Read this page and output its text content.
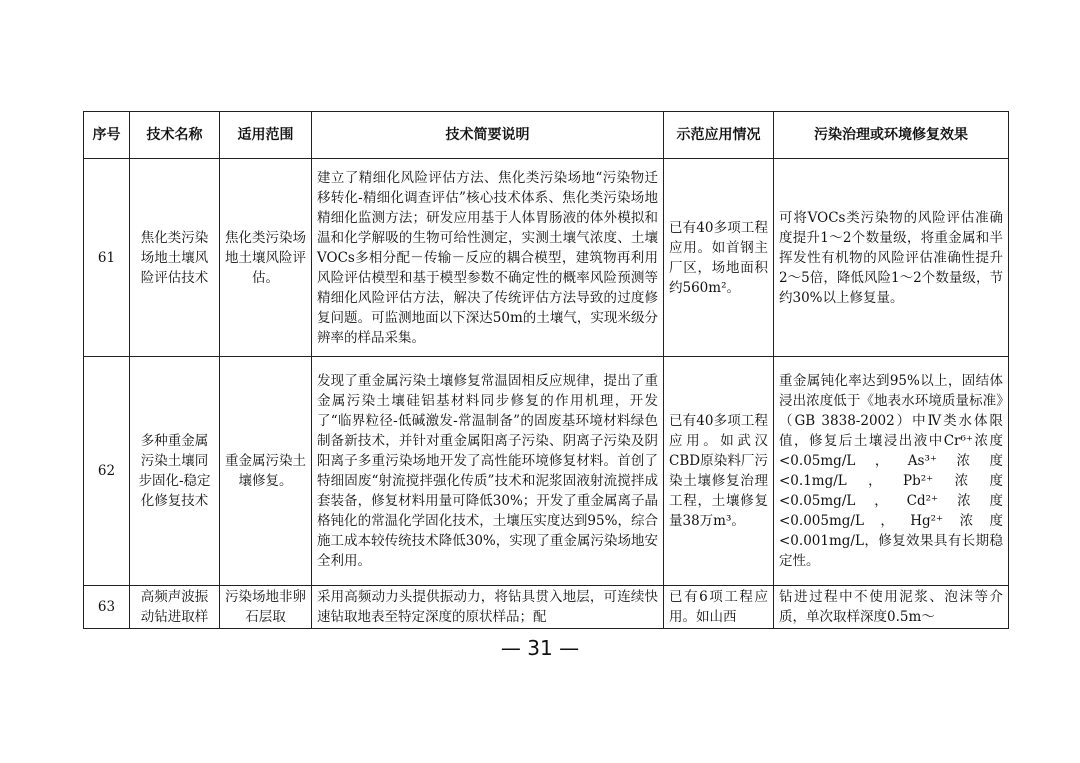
序号	技术名称	适用范围	技术简要说明	示范应用情况	污染治理或环境修复效果
61	焦化类污染场地土壤风险评估技术	焦化类污染场地土壤风险评估。	建立了精细化风险评估方法、焦化类污染场地“污染物迁移转化-精细化调查评估”核心技术体系、焦化类污染场地精细化监测方法；研发应用基于人体胃肠液的体外模拟和温和化学解吸的生物可给性测定，实测土壤气浓度、土壤VOCs多相分配－传输－反应的耦合模型，建筑物再利用风险评估模型和基于模型参数不确定性的概率风险预测等精细化风险评估方法，解决了传统评估方法导致的过度修复问题。可监测地面以下深达50m的土壤气，实现米级分辨率的样品采集。	已有40多项工程应用。如首钢主厂区，场地面积约560m²。	可将VOCs类污染物的风险评估准确度提升1～2个数量级，将重金属和半挥发性有机物的风险评估准确性提升2～5倍，降低风险1～2个数量级，节约30%以上修复量。
62	多种重金属污染土壤同步固化-稳定化修复技术	重金属污染土壤修复。	发现了重金属污染土壤修复常温固相反应规律，提出了重金属污染土壤硅铝基材料同步修复的作用机理，开发了“临界粒径-低碱激发-常温制备”的固废基环境材料绿色制备新技术，并针对重金属阳离子污染、阴离子污染及阴阳离子多重污染场地开发了高性能环境修复材料。首创了特细固废“射流搅拌强化传质”技术和泥浆固液射流搅拌成套装备，修复材料用量可降低30%；开发了重金属离子晶格钝化的常温化学固化技术，土壤压实度达到95%，综合施工成本较传统技术降低30%，实现了重金属污染场地安全利用。	已有40多项工程应用。如武汉CBD原染料厂污染土壤修复治理工程，土壤修复量38万m³。	重金属钝化率达到95%以上，固结体浸出浓度低于《地表水环境质量标准》（GB 3838-2002）中Ⅳ类水体限值，修复后土壤浸出液中Cr⁶⁺浓度<0.05mg/L，As³⁺浓度<0.1mg/L，Pb²⁺浓度<0.05mg/L，Cd²⁺浓度<0.005mg/L，Hg²⁺浓度<0.001mg/L，修复效果具有长期稳定性。
63	高频声波振动钻进取样	污染场地非卵石层取	采用高频动力头提供振动力，将钻具贯入地层，可连续快速钻取地表至特定深度的原状样品；配	已有6项工程应用。如山西	钻进过程中不使用泥浆、泡沫等介质，单次取样深度0.5m～
— 31 —
